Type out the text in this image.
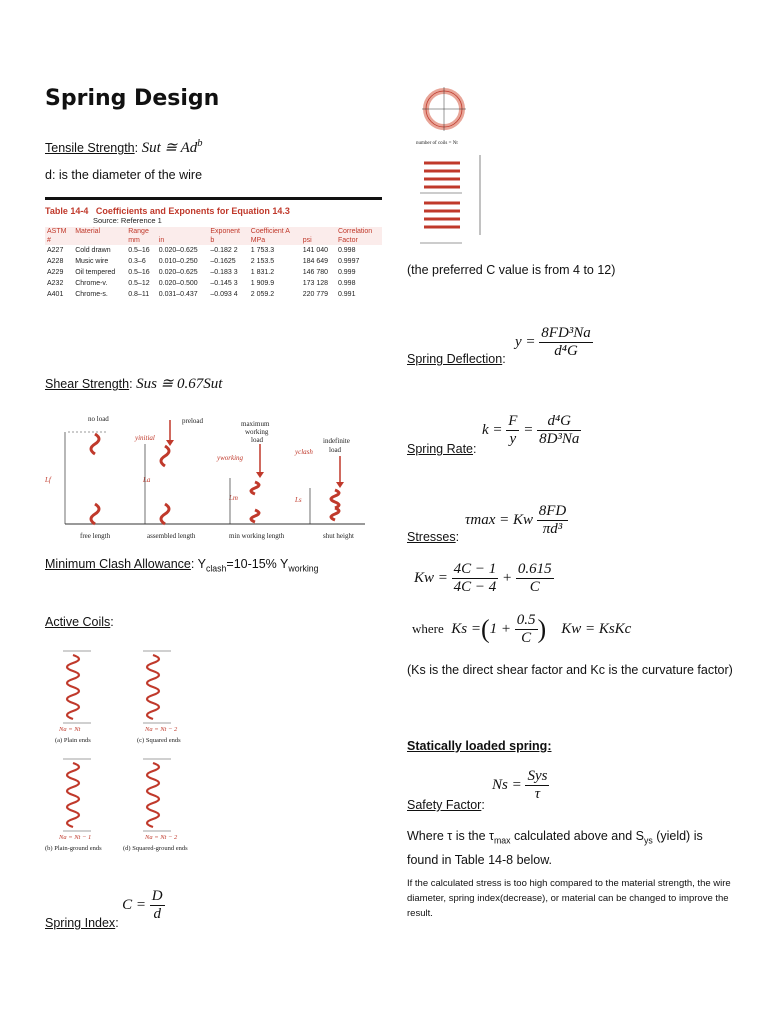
Spring Design
Tensile Strength: Sut ≅ Ad$^b$
d: is the diameter of the wire
Table 14-4 Coefficients and Exponents for Equation 14.3
Source: Reference 1
ASTM	Material	Range		Exponent	Coefficient A		Correlation
#		mm	in	b	MPa	psi	Factor
A227	Cold drawn	0.5–16	0.020–0.625	–0.182 2	1 753.3	141 040	0.998
A228	Music wire	0.3–6	0.010–0.250	–0.1625	2 153.5	184 649	0.9997
A229	Oil tempered	0.5–16	0.020–0.625	–0.183 3	1 831.2	146 780	0.999
A232	Chrome-v.	0.5–12	0.020–0.500	–0.145 3	1 909.9	173 128	0.998
A401	Chrome-s.	0.8–11	0.031–0.437	–0.093 4	2 059.2	220 779	0.991
Shear Strength: Sus ≅ 0.67Sut
no load	preload	maximum
working
load	indefinite
load
yinitial
yworking
yclash
Lf	La
Lm	Ls
free length	assembled length	min working length	shut height
Minimum Clash Allowance: $Y_{clash}=10-15\%$ $Y_{working}$
Active Coils:
Na = Nt
(a) Plain ends
Na = Nt − 2
(c) Squared ends
Na = Nt − 1
(b) Plain-ground ends
Na = Nt − 2
(d) Squared-ground ends
Spring Index: $C = \frac{D}{d}$
number of coils = Nt
(the preferred C value is from 4 to 12)
Spring Deflection:
$y = \frac{\text{8FD³Na}}{\text{d⁴G}}$
Spring Rate:
$k = \frac{F}{y} = \frac{\text{d⁴G}}{\text{8D³Na}}$
Stresses:
τmax = Kw $\frac{8FD}{\text{πd³}}$
$Kw = \frac{4C - 1}{4C - 4} + \frac{0.615}{C}$
where $Ks =(1 + \frac{0.5}{C}$ ) Kw = KsKc
(Ks is the direct shear factor and Kc is the curvature factor)
Statically loaded spring:
Safety Factor:
$Ns = \frac{\text{Sys}}{\tau}$
Where τ is the $\tau_{max}$ calculated above and $S_{ys}$ (yield) is found in Table 14-8 below.
If the calculated stress is too high compared to the material strength, the wire diameter, spring index(decrease), or material can be changed to improve the result.
